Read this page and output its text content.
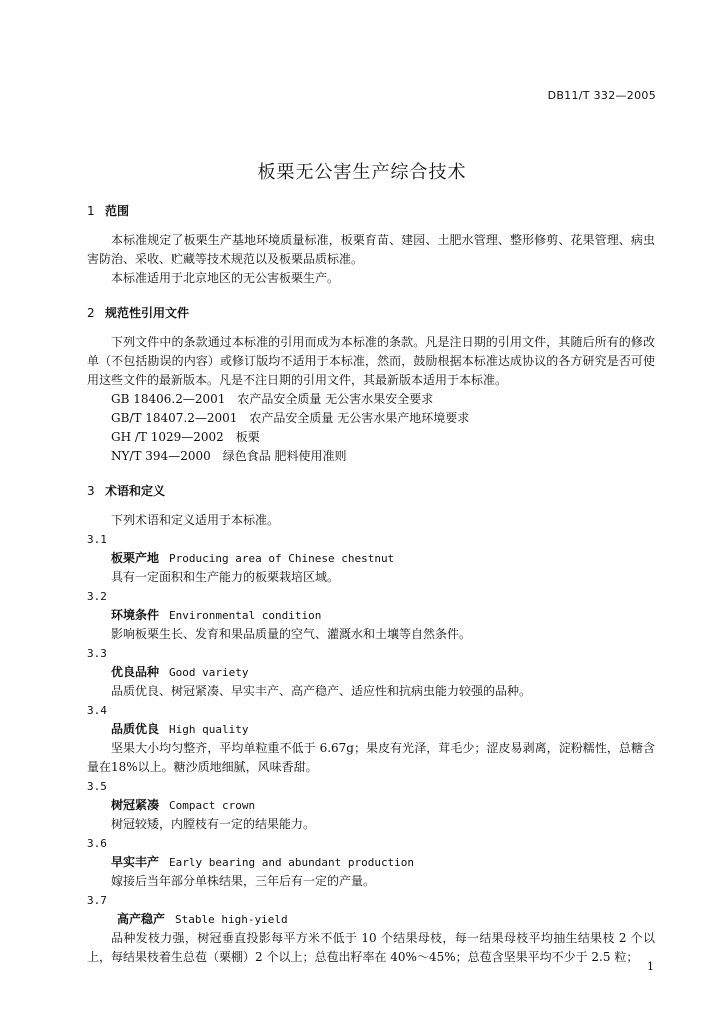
DB11/T 332—2005
板栗无公害生产综合技术
1 范围

本标准规定了板栗生产基地环境质量标准，板栗育苗、建园、土肥水管理、整形修剪、花果管理、病虫害防治、采收、贮藏等技术规范以及板栗品质标准。

本标准适用于北京地区的无公害板栗生产。

2 规范性引用文件

下列文件中的条款通过本标准的引用而成为本标准的条款。凡是注日期的引用文件，其随后所有的修改单（不包括勘误的内容）或修订版均不适用于本标准，然而，鼓励根据本标准达成协议的各方研究是否可使用这些文件的最新版本。凡是不注日期的引用文件，其最新版本适用于本标准。

GB 18406.2—2001　农产品安全质量 无公害水果安全要求

GB/T 18407.2—2001　农产品安全质量 无公害水果产地环境要求

GH /T 1029—2002　板栗

NY/T 394—2000　绿色食品 肥料使用准则

3 术语和定义

下列术语和定义适用于本标准。

3.1

板栗产地 Producing area of Chinese chestnut

具有一定面积和生产能力的板栗栽培区域。

3.2

环境条件 Environmental condition

影响板栗生长、发育和果品质量的空气、灌溉水和土壤等自然条件。

3.3

优良品种 Good variety

品质优良、树冠紧凑、早实丰产、高产稳产、适应性和抗病虫能力较强的品种。

3.4

品质优良 High quality

坚果大小均匀整齐，平均单粒重不低于 6.67g；果皮有光泽，茸毛少；涩皮易剥离，淀粉糯性，总糖含量在18%以上。糖沙质地细腻，风味香甜。

3.5

树冠紧凑 Compact crown

树冠较矮，内膛枝有一定的结果能力。

3.6

早实丰产 Early bearing and abundant production

嫁接后当年部分单株结果，三年后有一定的产量。

3.7

高产稳产 Stable high-yield

品种发枝力强，树冠垂直投影每平方米不低于 10 个结果母枝，每一结果母枝平均抽生结果枝 2 个以上，每结果枝着生总苞（栗棚）2 个以上；总苞出籽率在 40%～45%；总苞含坚果平均不少于 2.5 粒；

1
